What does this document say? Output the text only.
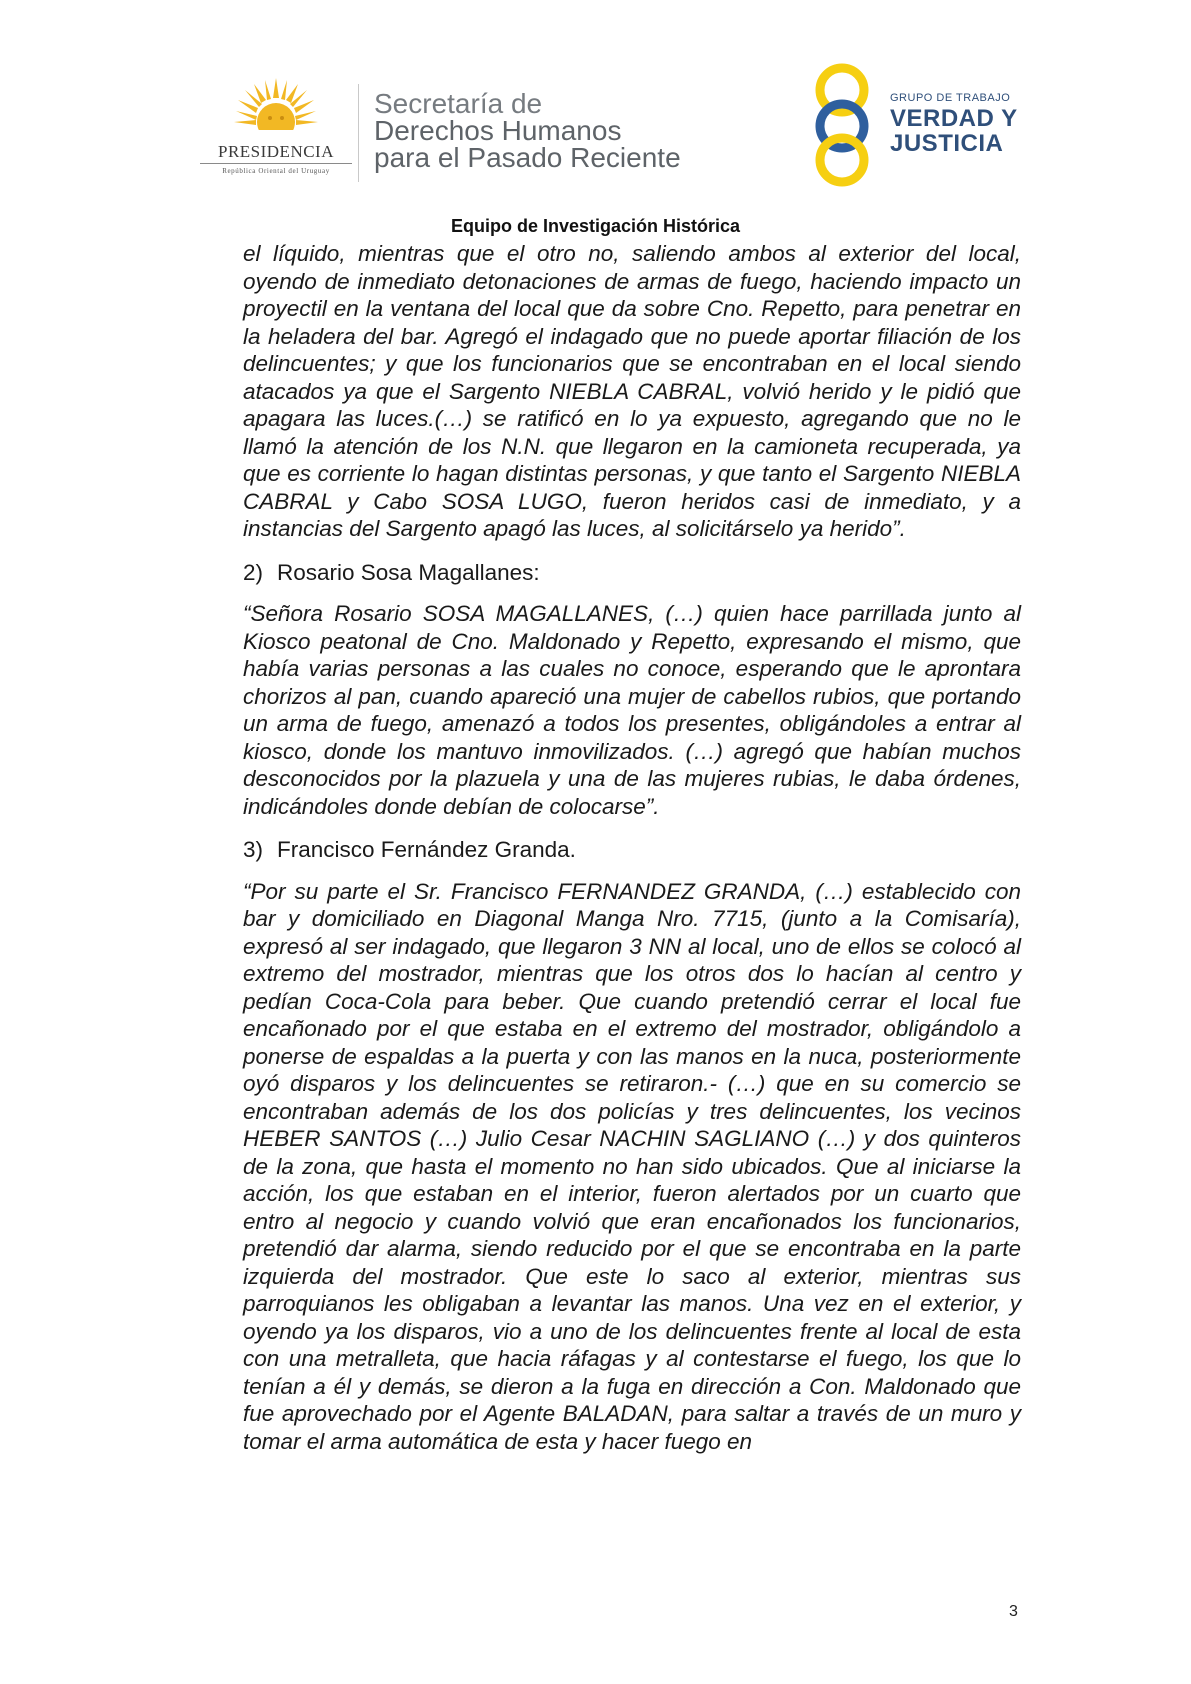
PRESIDENCIA
República Oriental del Uruguay
Secretaría de
Derechos Humanos
para el Pasado Reciente
GRUPO DE TRABAJO
VERDAD Y
JUSTICIA
Equipo de Investigación Histórica

el líquido, mientras que el otro no, saliendo ambos al exterior del local, oyendo de inmediato detonaciones de armas de fuego, haciendo impacto un proyectil en la ventana del local que da sobre Cno. Repetto, para penetrar en la heladera del bar. Agregó el indagado que no puede aportar filiación de los delincuentes; y que los funcionarios que se encontraban en el local siendo atacados ya que el Sargento NIEBLA CABRAL, volvió herido y le pidió que apagara las luces.(…) se ratificó en lo ya expuesto, agregando que no le llamó la atención de los N.N. que llegaron en la camioneta recuperada, ya que es corriente lo hagan distintas personas, y que tanto el Sargento NIEBLA CABRAL y Cabo SOSA LUGO, fueron heridos casi de inmediato, y a instancias del Sargento apagó las luces, al solicitárselo ya herido”.

2) Rosario Sosa Magallanes:

“Señora Rosario SOSA MAGALLANES, (…) quien hace parrillada junto al Kiosco peatonal de Cno. Maldonado y Repetto, expresando el mismo, que había varias personas a las cuales no conoce, esperando que le aprontara chorizos al pan, cuando apareció una mujer de cabellos rubios, que portando un arma de fuego, amenazó a todos los presentes, obligándoles a entrar al kiosco, donde los mantuvo inmovilizados. (…) agregó que habían muchos desconocidos por la plazuela y una de las mujeres rubias, le daba órdenes, indicándoles donde debían de colocarse”.

3) Francisco Fernández Granda.

“Por su parte el Sr. Francisco FERNANDEZ GRANDA, (…) establecido con bar y domiciliado en Diagonal Manga Nro. 7715, (junto a la Comisaría), expresó al ser indagado, que llegaron 3 NN al local, uno de ellos se colocó al extremo del mostrador, mientras que los otros dos lo hacían al centro y pedían Coca-Cola para beber. Que cuando pretendió cerrar el local fue encañonado por el que estaba en el extremo del mostrador, obligándolo a ponerse de espaldas a la puerta y con las manos en la nuca, posteriormente oyó disparos y los delincuentes se retiraron.- (…) que en su comercio se encontraban además de los dos policías y tres delincuentes, los vecinos HEBER SANTOS (…) Julio Cesar NACHIN SAGLIANO (…) y dos quinteros de la zona, que hasta el momento no han sido ubicados. Que al iniciarse la acción, los que estaban en el interior, fueron alertados por un cuarto que entro al negocio y cuando volvió que eran encañonados los funcionarios, pretendió dar alarma, siendo reducido por el que se encontraba en la parte izquierda del mostrador. Que este lo saco al exterior, mientras sus parroquianos les obligaban a levantar las manos. Una vez en el exterior, y oyendo ya los disparos, vio a uno de los delincuentes frente al local de esta con una metralleta, que hacia ráfagas y al contestarse el fuego, los que lo tenían a él y demás, se dieron a la fuga en dirección a Con. Maldonado que fue aprovechado por el Agente BALADAN, para saltar a través de un muro y tomar el arma automática de esta y hacer fuego en

3
